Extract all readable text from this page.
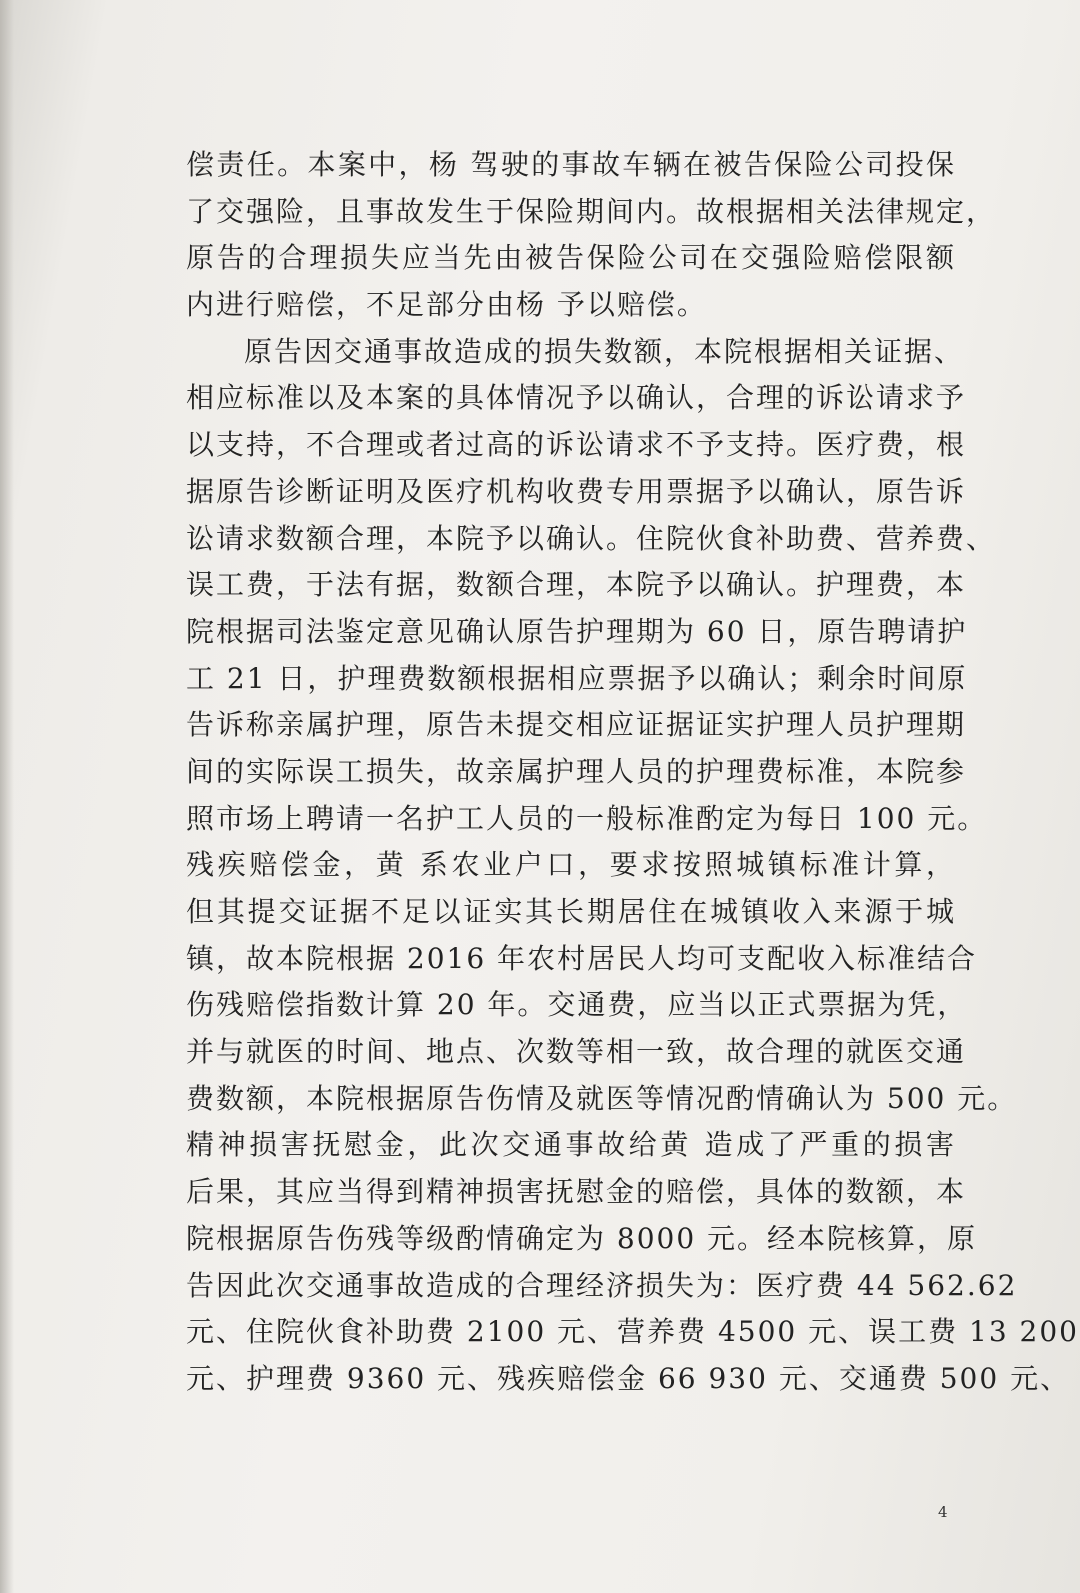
偿责任。本案中，杨 驾驶的事故车辆在被告保险公司投保
了交强险，且事故发生于保险期间内。故根据相关法律规定，
原告的合理损失应当先由被告保险公司在交强险赔偿限额
内进行赔偿，不足部分由杨 予以赔偿。
原告因交通事故造成的损失数额，本院根据相关证据、
相应标准以及本案的具体情况予以确认，合理的诉讼请求予
以支持，不合理或者过高的诉讼请求不予支持。医疗费，根
据原告诊断证明及医疗机构收费专用票据予以确认，原告诉
讼请求数额合理，本院予以确认。住院伙食补助费、营养费、
误工费，于法有据，数额合理，本院予以确认。护理费，本
院根据司法鉴定意见确认原告护理期为 60 日，原告聘请护
工 21 日，护理费数额根据相应票据予以确认；剩余时间原
告诉称亲属护理，原告未提交相应证据证实护理人员护理期
间的实际误工损失，故亲属护理人员的护理费标准，本院参
照市场上聘请一名护工人员的一般标准酌定为每日 100 元。
残疾赔偿金，黄 系农业户口，要求按照城镇标准计算，
但其提交证据不足以证实其长期居住在城镇收入来源于城
镇，故本院根据 2016 年农村居民人均可支配收入标准结合
伤残赔偿指数计算 20 年。交通费，应当以正式票据为凭，
并与就医的时间、地点、次数等相一致，故合理的就医交通
费数额，本院根据原告伤情及就医等情况酌情确认为 500 元。
精神损害抚慰金，此次交通事故给黄 造成了严重的损害
后果，其应当得到精神损害抚慰金的赔偿，具体的数额，本
院根据原告伤残等级酌情确定为 8000 元。经本院核算，原
告因此次交通事故造成的合理经济损失为：医疗费 44 562.62
元、住院伙食补助费 2100 元、营养费 4500 元、误工费 13 200
元、护理费 9360 元、残疾赔偿金 66 930 元、交通费 500 元、
4
